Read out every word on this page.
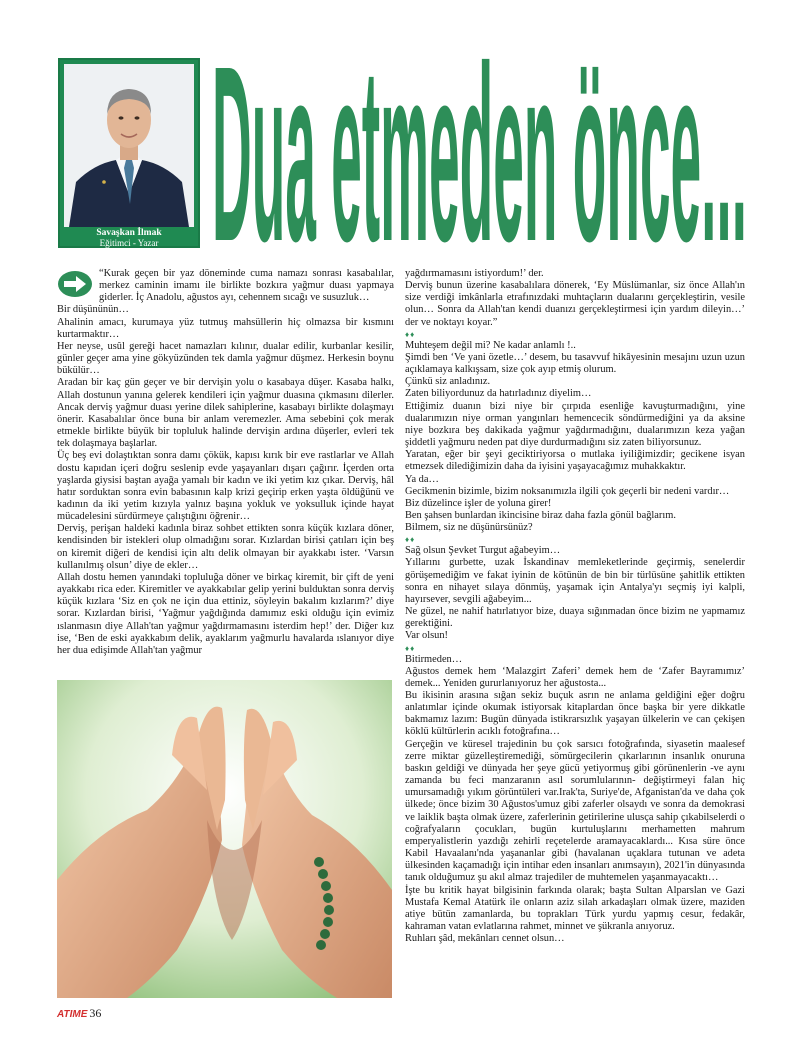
Savaşkan İlmak
Eğitimci - Yazar Dua etmeden önce...

“Kurak geçen bir yaz döneminde cuma namazı sonrası kasabalılar, merkez caminin imamı ile birlikte bozkıra yağmur duası yapmaya giderler. İç Anadolu, ağustos ayı, cehennem sıcağı ve susuzluk…

Bir düşününün…

Ahalinin amacı, kurumaya yüz tutmuş mahsüllerin hiç olmazsa bir kısmını kurtarmaktır…

Her neyse, usûl gereği hacet namazları kılınır, dualar edilir, kurbanlar kesilir, günler geçer ama yine gökyüzünden tek damla yağmur düşmez. Herkesin boynu bükülür…

Aradan bir kaç gün geçer ve bir dervişin yolu o kasabaya düşer. Kasaba halkı, Allah dostunun yanına gelerek kendileri için yağmur duasına çıkmasını dilerler. Ancak derviş yağmur duası yerine dilek sahiplerine, kasabayı birlikte dolaşmayı önerir. Kasabalılar önce buna bir anlam veremezler. Ama sebebini çok merak etmekle birlikte büyük bir topluluk halinde dervişin ardına düşerler, evleri tek tek dolaşmaya başlarlar.

Üç beş evi dolaştıktan sonra damı çökük, kapısı kırık bir eve rastlarlar ve Allah dostu kapıdan içeri doğru seslenip evde yaşayanları dışarı çağırır. İçerden orta yaşlarda giysisi baştan ayağa yamalı bir kadın ve iki yetim kız çıkar. Derviş, hâl hatır sorduktan sonra evin babasının kalp krizi geçirip erken yaşta öldüğünü ve kadının da iki yetim kızıyla yalnız başına yokluk ve yoksulluk içinde hayat mücadelesini sürdürmeye çalıştığını öğrenir…

Derviş, perişan haldeki kadınla biraz sohbet ettikten sonra küçük kızlara döner, kendisinden bir istekleri olup olmadığını sorar. Kızlardan birisi çatıları için beş on kiremit diğeri de kendisi için altı delik olmayan bir ayakkabı ister. ‘Varsın kullanılmış olsun’ diye de ekler…

Allah dostu hemen yanındaki topluluğa döner ve birkaç kiremit, bir çift de yeni ayakkabı rica eder. Kiremitler ve ayakkabılar gelip yerini bulduktan sonra derviş küçük kızlara ‘Siz en çok ne için dua ettiniz, söyleyin bakalım kızlarım?’ diye sorar. Kızlardan birisi, ‘Yağmur yağdığında damımız eski olduğu için evimiz ıslanmasın diye Allah'tan yağmur yağdırmamasını isterdim hep!’ der. Diğer kız ise, ‘Ben de eski ayakkabım delik, ayaklarım yağmurlu havalarda ıslanıyor diye her dua edişimde Allah'tan yağmur

yağdırmamasını istiyordum!’ der.

Derviş bunun üzerine kasabalılara dönerek, ‘Ey Müslümanlar, siz önce Allah'ın size verdiği imkânlarla etrafınızdaki muhtaçların dualarını gerçekleştirin, vesile olun… Sonra da Allah'tan kendi duanızı gerçekleştirmesi için yardım dileyin…’ der ve noktayı koyar.”

♦♦

Muhteşem değil mi? Ne kadar anlamlı !..

Şimdi ben ‘Ve yani özetle…’ desem, bu tasavvuf hikâyesinin mesajını uzun uzun açıklamaya kalkışsam, size çok ayıp etmiş olurum.

Çünkü siz anladınız.

Zaten biliyordunuz da hatırladınız diyelim…

Ettiğimiz duanın bizi niye bir çırpıda esenliğe kavuşturmadığını, yine dualarımızın niye orman yangınları hemencecik söndürmediğini ya da aksine niye bozkıra beş dakikada yağmur yağdırmadığını, dualarımızın keza yağan şiddetli yağmuru neden pat diye durdurmadığını siz zaten biliyorsunuz.

Yaratan, eğer bir şeyi geciktiriyorsa o mutlaka iyiliğimizdir; gecikene isyan etmezsek dilediğimizin daha da iyisini yaşayacağımız muhakkaktır.

Ya da…

Gecikmenin bizimle, bizim noksanımızla ilgili çok geçerli bir nedeni vardır…

Biz düzelince işler de yoluna girer!

Ben şahsen bunlardan ikincisine biraz daha fazla gönül bağlarım.

Bilmem, siz ne düşünürsünüz?

♦♦

Sağ olsun Şevket Turgut ağabeyim…

Yıllarını gurbette, uzak İskandinav memleketlerinde geçirmiş, senelerdir görüşemediğim ve fakat iyinin de kötünün de bin bir türlüsüne şahitlik ettikten sonra en nihayet sılaya dönmüş, yaşamak için Antalya'yı seçmiş iyi kalpli, hayırsever, sevgili ağabeyim...

Ne güzel, ne nahif hatırlatıyor bize, duaya sığınmadan önce bizim ne yapmamız gerektiğini.

Var olsun!

♦♦

Bitirmeden…

Ağustos demek hem ‘Malazgirt Zaferi’ demek hem de ‘Zafer Bayramımız’ demek... Yeniden gururlanıyoruz her ağustosta...

Bu ikisinin arasına sığan sekiz buçuk asrın ne anlama geldiğini eğer doğru anlatımlar içinde okumak istiyorsak kitaplardan önce başka bir yere dikkatle bakmamız lazım: Bugün dünyada istikrarsızlık yaşayan ülkelerin ve can çekişen köklü kültürlerin acıklı fotoğrafına…

Gerçeğin ve küresel trajedinin bu çok sarsıcı fotoğrafında, siyasetin maalesef zerre miktar güzelleştiremediği, sömürgecilerin çıkarlarının insanlık onuruna baskın geldiği ve dünyada her şeye gücü yetiyormuş gibi görünenlerin -ve aynı zamanda bu feci manzaranın asıl sorumlularının- değiştirmeyi falan hiç umursamadığı yıkım görüntüleri var.Irak'ta, Suriye'de, Afganistan'da ve daha çok ülkede; önce bizim 30 Ağustos'umuz gibi zaferler olsaydı ve sonra da demokrasi ve laiklik başta olmak üzere, zaferlerinin getirilerine ulusça sahip çıkabilselerdi o coğrafyaların çocukları, bugün kurtuluşlarını merhametten mahrum emperyalistlerin yazdığı zehirli reçetelerde aramayacaklardı... Kısa süre önce Kabil Havaalanı'nda yaşananlar gibi (havalanan uçaklara tutunan ve adeta ülkesinden kaçamadığı için intihar eden insanları anımsayın), 2021'in dünyasında tanık olduğumuz şu akıl almaz trajediler de muhtemelen yaşanmayacaktı…

İşte bu kritik hayat bilgisinin farkında olarak; başta Sultan Alparslan ve Gazi Mustafa Kemal Atatürk ile onların aziz silah arkadaşları olmak üzere, maziden atiye bütün zamanlarda, bu toprakları Türk yurdu yapmış cesur, fedakâr, kahraman vatan evlatlarına rahmet, minnet ve şükranla anıyoruz.

Ruhları şâd, mekânları cennet olsun…

ATIME 36
